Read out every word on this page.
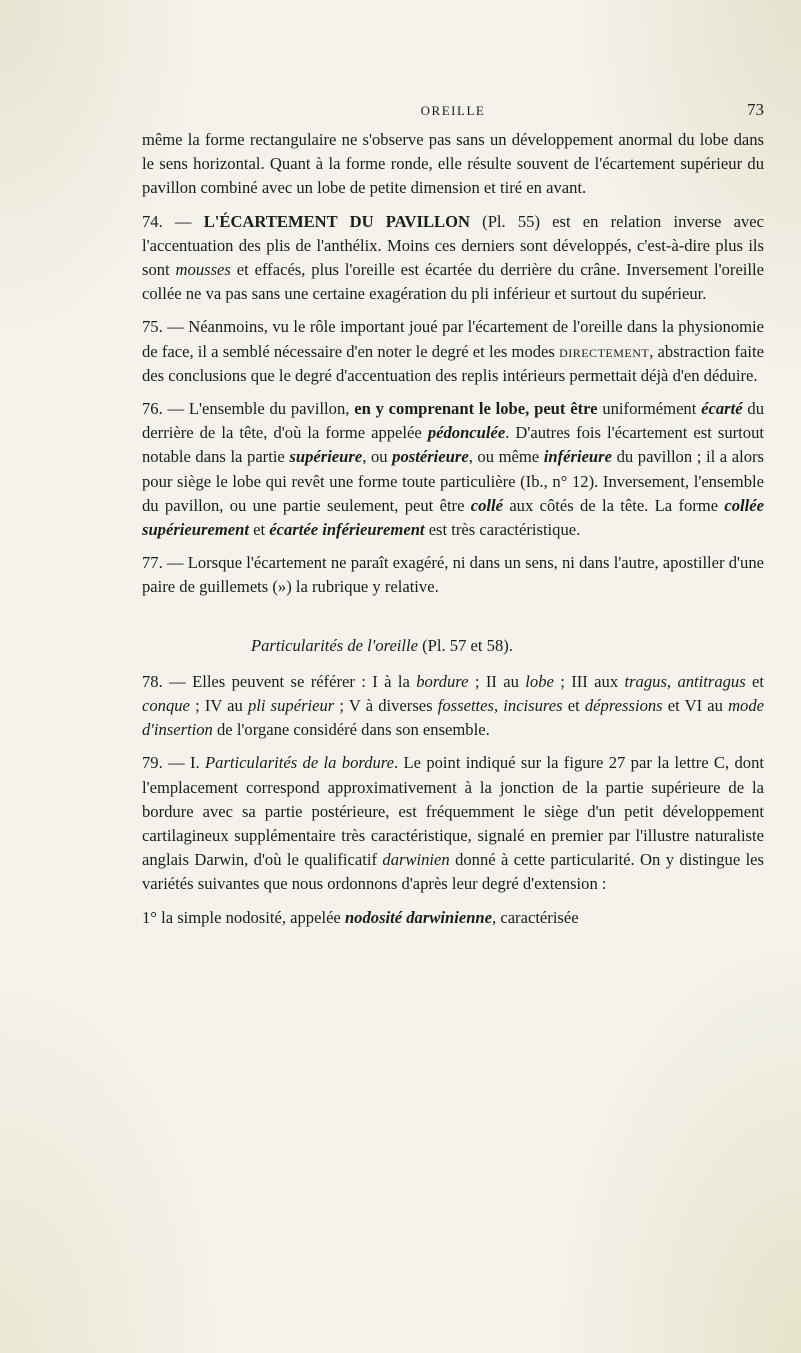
OREILLE	73

même la forme rectangulaire ne s'observe pas sans un développement anormal du lobe dans le sens horizontal. Quant à la forme ronde, elle résulte souvent de l'écartement supérieur du pavillon combiné avec un lobe de petite dimension et tiré en avant.

74. — L'ÉCARTEMENT DU PAVILLON (Pl. 55) est en relation inverse avec l'accentuation des plis de l'anthélix. Moins ces derniers sont développés, c'est-à-dire plus ils sont mousses et effacés, plus l'oreille est écartée du derrière du crâne. Inversement l'oreille collée ne va pas sans une certaine exagération du pli inférieur et surtout du supérieur.

75. — Néanmoins, vu le rôle important joué par l'écartement de l'oreille dans la physionomie de face, il a semblé nécessaire d'en noter le degré et les modes directement, abstraction faite des conclusions que le degré d'accentuation des replis intérieurs permettait déjà d'en déduire.

76. — L'ensemble du pavillon, en y comprenant le lobe, peut être uniformément écarté du derrière de la tête, d'où la forme appelée pédonculée. D'autres fois l'écartement est surtout notable dans la partie supérieure, ou postérieure, ou même inférieure du pavillon ; il a alors pour siège le lobe qui revêt une forme toute particulière (Ib., n° 12). Inversement, l'ensemble du pavillon, ou une partie seulement, peut être collé aux côtés de la tête. La forme collée supérieurement et écartée inférieurement est très caractéristique.

77. — Lorsque l'écartement ne paraît exagéré, ni dans un sens, ni dans l'autre, apostiller d'une paire de guillemets (») la rubrique y relative.

Particularités de l'oreille (Pl. 57 et 58).

78. — Elles peuvent se référer : I à la bordure ; II au lobe ; III aux tragus, antitragus et conque ; IV au pli supérieur ; V à diverses fossettes, incisures et dépressions et VI au mode d'insertion de l'organe considéré dans son ensemble.

79. — I. Particularités de la bordure. Le point indiqué sur la figure 27 par la lettre C, dont l'emplacement correspond approximativement à la jonction de la partie supérieure de la bordure avec sa partie postérieure, est fréquemment le siège d'un petit développement cartilagineux supplémentaire très caractéristique, signalé en premier par l'illustre naturaliste anglais Darwin, d'où le qualificatif darwinien donné à cette particularité. On y distingue les variétés suivantes que nous ordonnons d'après leur degré d'extension :

1° la simple nodosité, appelée nodosité darwinienne, caractérisée
